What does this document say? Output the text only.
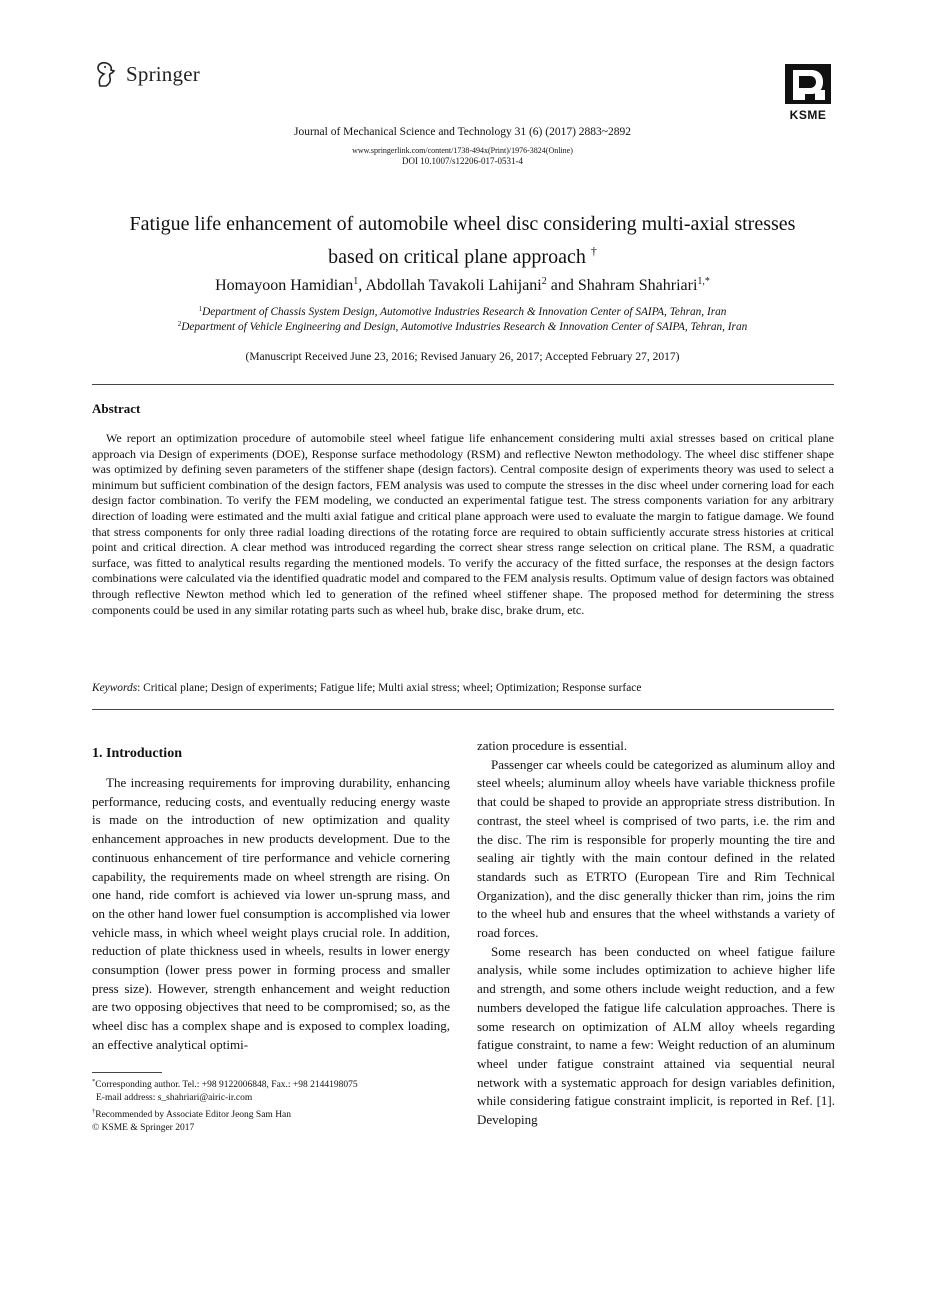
Springer
KSME
Journal of Mechanical Science and Technology 31 (6) (2017) 2883~2892
www.springerlink.com/content/1738-494x(Print)/1976-3824(Online)
DOI 10.1007/s12206-017-0531-4
Fatigue life enhancement of automobile wheel disc considering multi-axial stresses
based on critical plane approach †
Homayoon Hamidian$^1$, Abdollah Tavakoli Lahijani$^2$ and Shahram Shahriari$^{1,*}$
$^1$Department of Chassis System Design, Automotive Industries Research & Innovation Center of SAIPA, Tehran, Iran
$^2$Department of Vehicle Engineering and Design, Automotive Industries Research & Innovation Center of SAIPA, Tehran, Iran
(Manuscript Received June 23, 2016; Revised January 26, 2017; Accepted February 27, 2017)
Abstract
We report an optimization procedure of automobile steel wheel fatigue life enhancement considering multi axial stresses based on critical plane approach via Design of experiments (DOE), Response surface methodology (RSM) and reflective Newton methodology. The wheel disc stiffener shape was optimized by defining seven parameters of the stiffener shape (design factors). Central composite design of experiments theory was used to select a minimum but sufficient combination of the design factors, FEM analysis was used to compute the stresses in the disc wheel under cornering load for each design factor combination. To verify the FEM modeling, we conducted an experimental fatigue test. The stress components variation for any arbitrary direction of loading were estimated and the multi axial fatigue and critical plane approach were used to evaluate the margin to fatigue damage. We found that stress components for only three radial loading directions of the rotating force are required to obtain sufficiently accurate stress histories at critical point and critical direction. A clear method was introduced regarding the correct shear stress range selection on critical plane. The RSM, a quadratic surface, was fitted to analytical results regarding the mentioned models. To verify the accuracy of the fitted surface, the responses at the design factors combinations were calculated via the identified quadratic model and compared to the FEM analysis results. Optimum value of design factors was obtained through reflective Newton method which led to generation of the refined wheel stiffener shape. The proposed method for determining the stress components could be used in any similar rotating parts such as wheel hub, brake disc, brake drum, etc.
Keywords: Critical plane; Design of experiments; Fatigue life; Multi axial stress; wheel; Optimization; Response surface
1. Introduction

The increasing requirements for improving durability, enhancing performance, reducing costs, and eventually reducing energy waste is made on the introduction of new optimization and quality enhancement approaches in new products development. Due to the continuous enhancement of tire performance and vehicle cornering capability, the requirements made on wheel strength are rising. On one hand, ride comfort is achieved via lower un-sprung mass, and on the other hand lower fuel consumption is accomplished via lower vehicle mass, in which wheel weight plays crucial role. In addition, reduction of plate thickness used in wheels, results in lower energy consumption (lower press power in forming process and smaller press size). However, strength enhancement and weight reduction are two opposing objectives that need to be compromised; so, as the wheel disc has a complex shape and is exposed to complex loading, an effective analytical optimi-

zation procedure is essential.

Passenger car wheels could be categorized as aluminum alloy and steel wheels; aluminum alloy wheels have variable thickness profile that could be shaped to provide an appropriate stress distribution. In contrast, the steel wheel is comprised of two parts, i.e. the rim and the disc. The rim is responsible for properly mounting the tire and sealing air tightly with the main contour defined in the related standards such as ETRTO (European Tire and Rim Technical Organization), and the disc generally thicker than rim, joins the rim to the wheel hub and ensures that the wheel withstands a variety of road forces.

Some research has been conducted on wheel fatigue failure analysis, while some includes optimization to achieve higher life and strength, and some others include weight reduction, and a few numbers developed the fatigue life calculation approaches. There is some research on optimization of ALM alloy wheels regarding fatigue constraint, to name a few: Weight reduction of an aluminum wheel under fatigue constraint attained via sequential neural network with a systematic approach for design variables definition, while considering fatigue constraint implicit, is reported in Ref. [1]. Developing

*Corresponding author. Tel.: +98 9122006848, Fax.: +98 2144198075
E-mail address: s_shahriari@airic-ir.com
†Recommended by Associate Editor Jeong Sam Han
© KSME & Springer 2017
